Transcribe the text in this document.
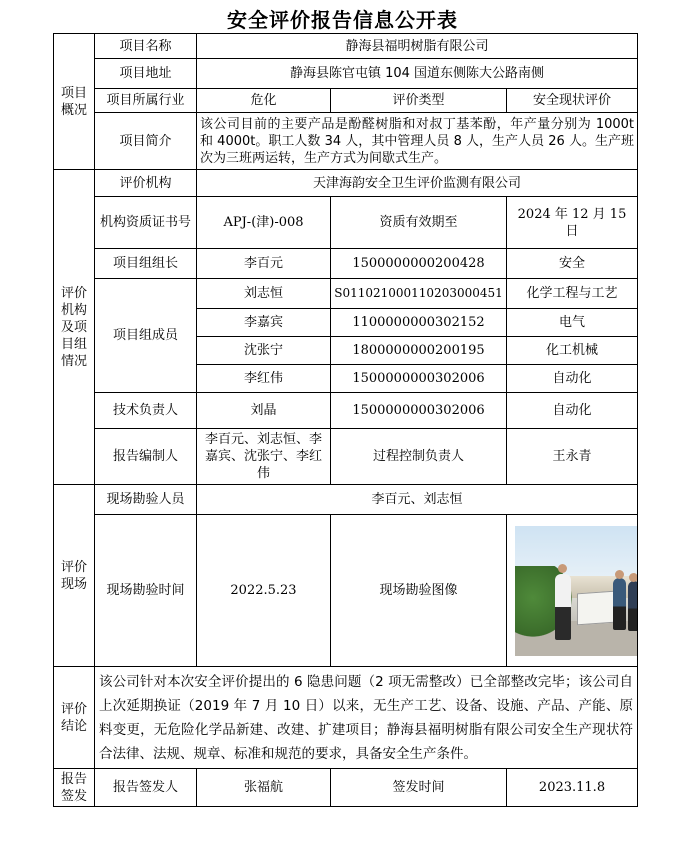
安全评价报告信息公开表
项目概况	项目名称	静海县福明树脂有限公司		
	项目地址	静海县陈官屯镇 104 国道东侧陈大公路南侧		
	项目所属行业	危化	评价类型	安全现状评价
	项目简介	该公司目前的主要产品是酚醛树脂和对叔丁基苯酚，年产量分别为 1000t 和 4000t。职工人数 34 人，其中管理人员 8 人，生产人员 26 人。生产班次为三班两运转，生产方式为间歇式生产。		

评价机构及项目组情况	评价机构	天津海韵安全卫生评价监测有限公司		
	机构资质证书号	APJ-(津)-008	资质有效期至	2024 年 12 月 15 日
	项目组组长	李百元	1500000000200428	安全
	项目组成员	刘志恒	S011021000110203000451	化学工程与工艺
		李嘉宾	1100000000302152	电气
		沈张宁	1800000000200195	化工机械
		李红伟	1500000000302006	自动化
	技术负责人	刘晶	1500000000302006	自动化
	报告编制人	李百元、刘志恒、李嘉宾、沈张宁、李红伟	过程控制负责人	王永青

评价现场	现场勘验人员	李百元、刘志恒		
	现场勘验时间	2022.5.23	现场勘验图像	

评价结论	该公司针对本次安全评价提出的 6 隐患问题（2 项无需整改）已全部整改完毕；该公司自上次延期换证（2019 年 7 月 10 日）以来，无生产工艺、设备、设施、产品、产能、原料变更，无危险化学品新建、改建、扩建项目；静海县福明树脂有限公司安全生产现状符合法律、法规、规章、标准和规范的要求，具备安全生产条件。			
报告签发	报告签发人	张福航	签发时间	2023.11.8
